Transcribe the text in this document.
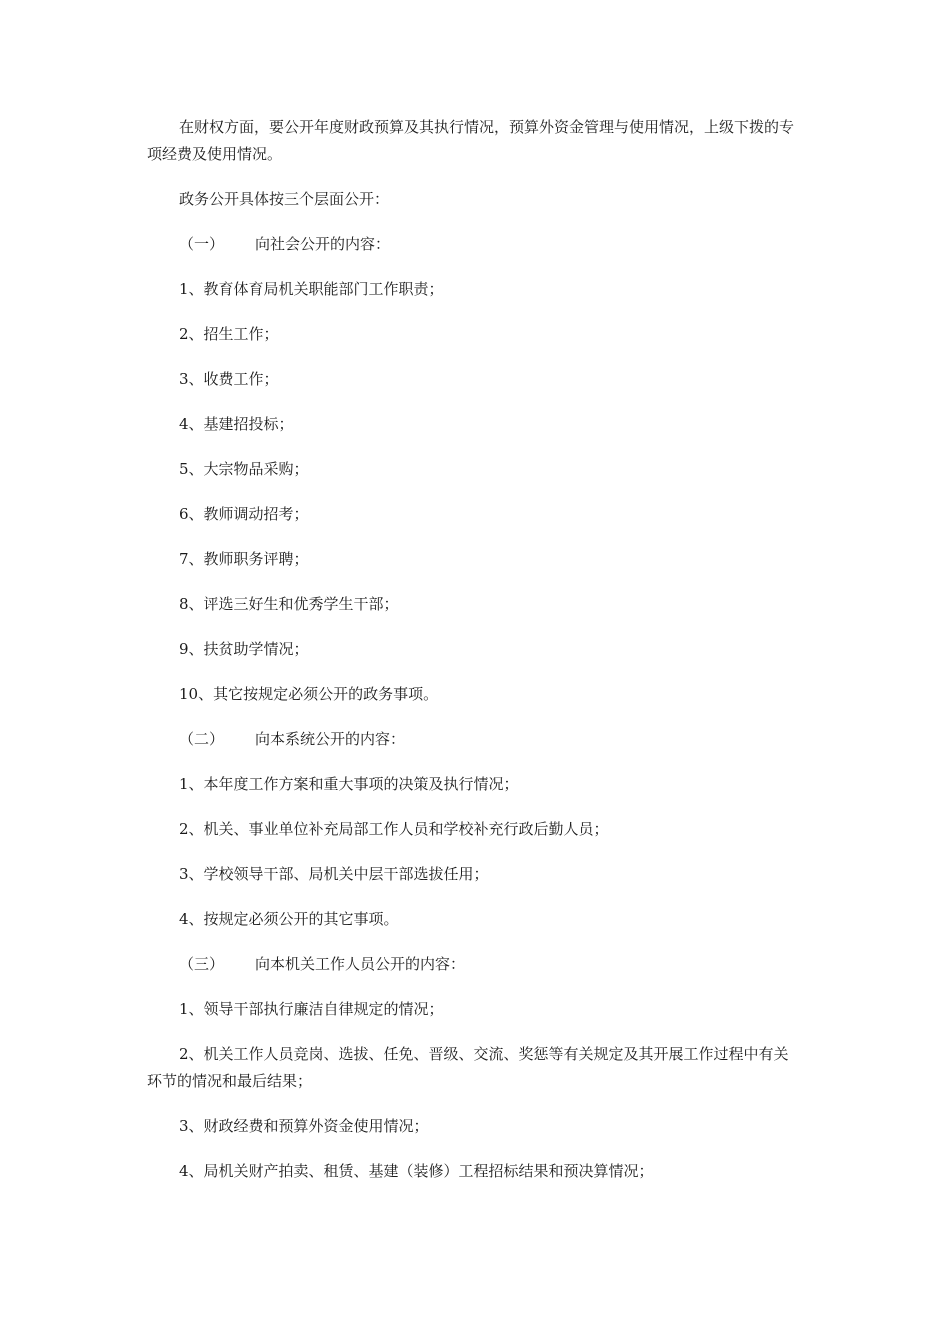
在财权方面，要公开年度财政预算及其执行情况，预算外资金管理与使用情况，上级下拨的专项经费及使用情况。

政务公开具体按三个层面公开：

（一）	向社会公开的内容：

1、教育体育局机关职能部门工作职责；

2、招生工作；

3、收费工作；

4、基建招投标；

5、大宗物品采购；

6、教师调动招考；

7、教师职务评聘；

8、评选三好生和优秀学生干部；

9、扶贫助学情况；

10、其它按规定必须公开的政务事项。

（二）	向本系统公开的内容：

1、本年度工作方案和重大事项的决策及执行情况；

2、机关、事业单位补充局部工作人员和学校补充行政后勤人员；

3、学校领导干部、局机关中层干部选拔任用；

4、按规定必须公开的其它事项。

（三）	向本机关工作人员公开的内容：

1、领导干部执行廉洁自律规定的情况；

2、机关工作人员竞岗、选拔、任免、晋级、交流、奖惩等有关规定及其开展工作过程中有关环节的情况和最后结果；

3、财政经费和预算外资金使用情况；

4、局机关财产拍卖、租赁、基建（装修）工程招标结果和预决算情况；
